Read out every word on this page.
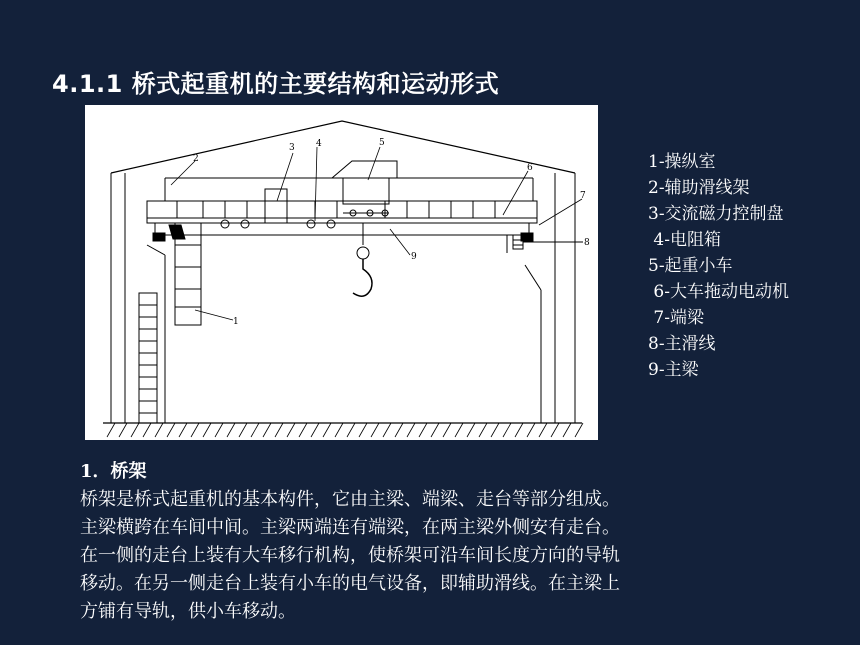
4.1.1 桥式起重机的主要结构和运动形式
2
3 4	5
6
7
8
9
1
1-操纵室
2-辅助滑线架
3-交流磁力控制盘
4-电阻箱
5-起重小车
6-大车拖动电动机
7-端梁
8-主滑线
9-主梁
1．桥架
桥架是桥式起重机的基本构件，它由主梁、端梁、走台等部分组成。
主梁横跨在车间中间。主梁两端连有端梁，在两主梁外侧安有走台。
在一侧的走台上装有大车移行机构，使桥架可沿车间长度方向的导轨
移动。在另一侧走台上装有小车的电气设备，即辅助滑线。在主梁上
方铺有导轨，供小车移动。
